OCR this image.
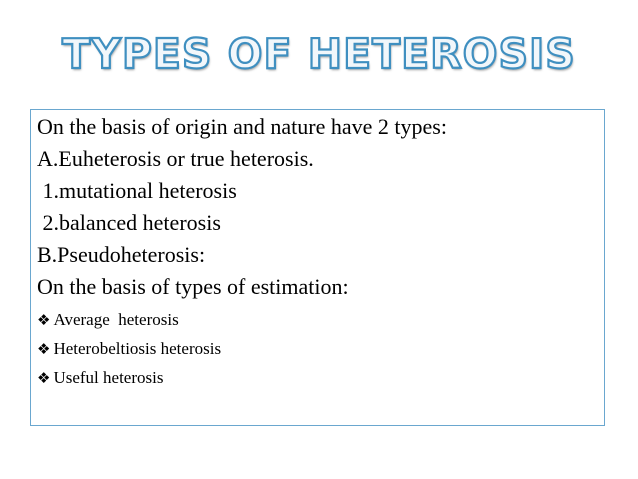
TYPES OF HETEROSIS
On the basis of origin and nature have 2 types:
A.Euheterosis or true heterosis.
1.mutational heterosis
2.balanced heterosis
B.Pseudoheterosis:
On the basis of types of estimation:
❖ Average  heterosis
❖ Heterobeltiosis heterosis
❖ Useful heterosis
